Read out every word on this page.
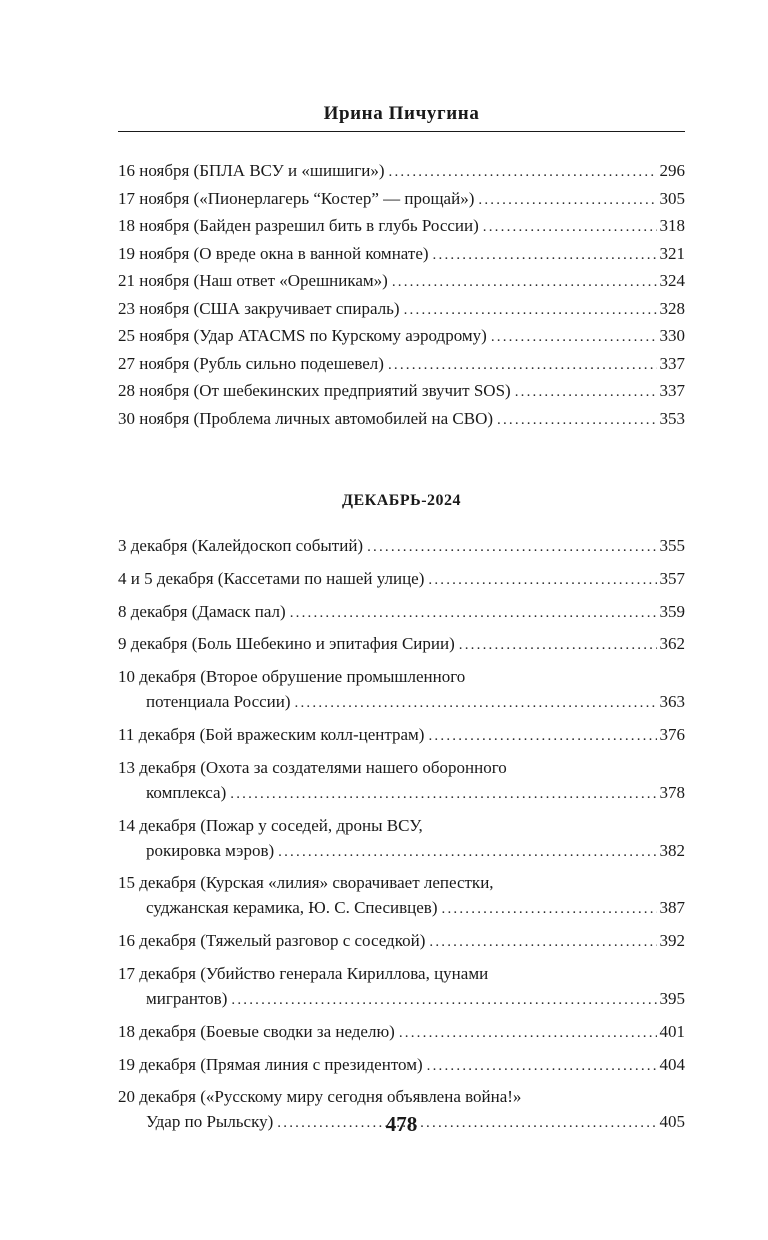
Ирина Пичугина
16 ноября (БПЛА ВСУ и «шишиги») .....	296
17 ноября («Пионерлагерь “Костер” — прощай») .....	305
18 ноября (Байден разрешил бить в глубь России) .....	318
19 ноября (О вреде окна в ванной комнате) .....	321
21 ноября (Наш ответ «Орешникам») .....	324
23 ноября (США закручивает спираль) .....	328
25 ноября (Удар ATACMS по Курскому аэродрому) .....	330
27 ноября (Рубль сильно подешевел) .....	337
28 ноября (От шебекинских предприятий звучит SOS) .....	337
30 ноября (Проблема личных автомобилей на СВО) .....	353
ДЕКАБРЬ-2024
3 декабря (Калейдоскоп событий) .....	355
4 и 5 декабря (Кассетами по нашей улице) .....	357
8 декабря (Дамаск пал) .....	359
9 декабря (Боль Шебекино и эпитафия Сирии) .....	362
10 декабря (Второе обрушение промышленного
потенциала России) .....	363
11 декабря (Бой вражеским колл-центрам) .....	376
13 декабря (Охота за создателями нашего оборонного
комплекса) .....	378
14 декабря (Пожар у соседей, дроны ВСУ,
рокировка мэров) .....	382
15 декабря (Курская «лилия» сворачивает лепестки,
суджанская керамика, Ю. С. Спесивцев) .....	387
16 декабря (Тяжелый разговор с соседкой) .....	392
17 декабря (Убийство генерала Кириллова, цунами
мигрантов) .....	395
18 декабря (Боевые сводки за неделю) .....	401
19 декабря (Прямая линия с президентом) .....	404
20 декабря («Русскому миру сегодня объявлена война!»
Удар по Рыльску) .....	405
478
